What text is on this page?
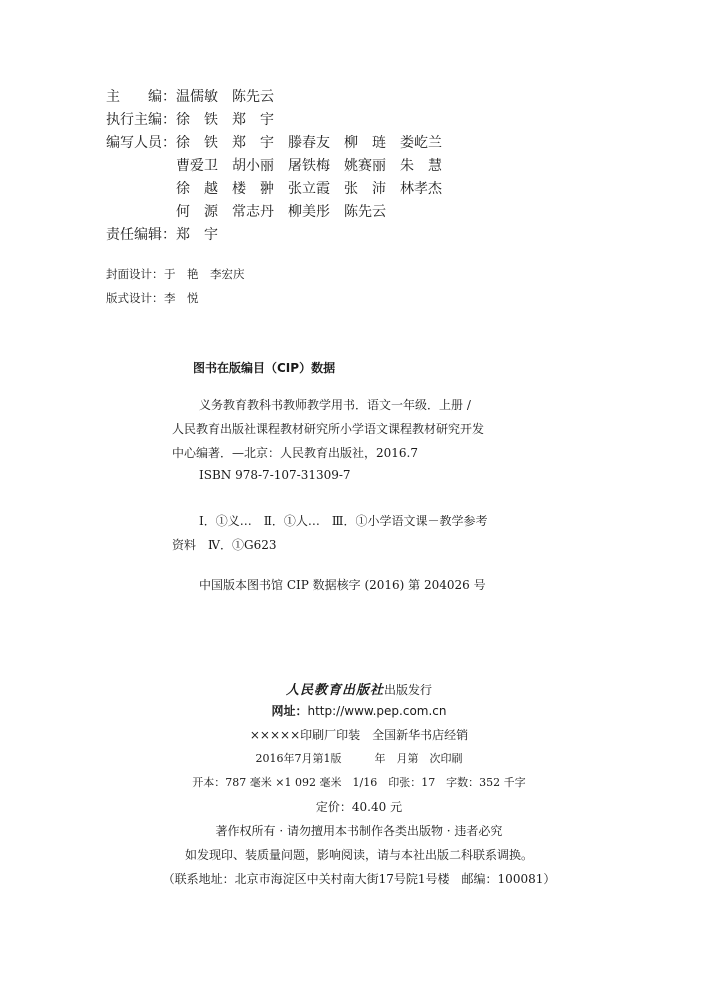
主　　编： 温儒敏　陈先云
执行主编： 徐　铁　郑　宇
编写人员： 徐　铁　郑　宇　滕春友　柳　琏　娄屹兰
曹爱卫　胡小丽　屠铁梅　姚赛丽　朱　慧
徐　越　楼　翀　张立霞　张　沛　林孝杰
何　源　常志丹　柳美彤　陈先云
责任编辑： 郑　宇
封面设计： 于　艳　李宏庆
版式设计： 李　悦
图书在版编目（CIP）数据
义务教育教科书教师教学用书．语文一年级．上册 /
人民教育出版社课程教材研究所小学语文课程教材研究开发
中心编著．—北京：人民教育出版社，2016.7
ISBN 978-7-107-31309-7
Ⅰ．①义…　Ⅱ．①人…　Ⅲ．①小学语文课－教学参考
资料　Ⅳ．①G623
中国版本图书馆 CIP 数据核字 (2016) 第 204026 号
人民教育出版社出版发行
网址：http://www.pep.com.cn
×××××印刷厂印装　全国新华书店经销
2016年7月第1版　　　年　月第　次印刷
开本：787 毫米 ×1 092 毫米　1/16　印张：17　字数：352 千字
定价：40.40 元
著作权所有 · 请勿擅用本书制作各类出版物 · 违者必究
如发现印、装质量问题，影响阅读，请与本社出版二科联系调换。
（联系地址：北京市海淀区中关村南大街17号院1号楼　邮编：100081）
